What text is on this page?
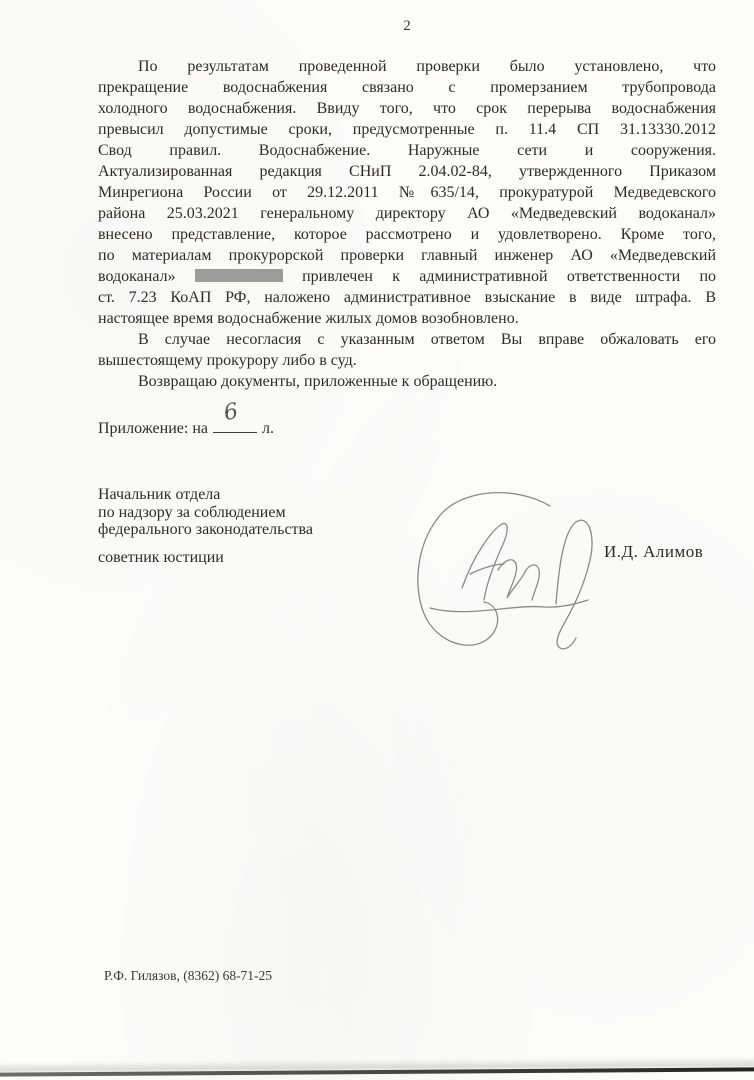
2
По результатам проведенной проверки было установлено, что
прекращение водоснабжения связано с промерзанием трубопровода
холодного водоснабжения. Ввиду того, что срок перерыва водоснабжения
превысил допустимые сроки, предусмотренные п. 11.4 СП 31.13330.2012
Свод правил. Водоснабжение. Наружные сети и сооружения.
Актуализированная редакция СНиП 2.04.02-84, утвержденного Приказом
Минрегиона России от 29.12.2011 №635/14, прокуратурой Медведевского
района 25.03.2021 генеральному директору АО «Медведевский водоканал»
внесено представление, которое рассмотрено и удовлетворено. Кроме того,
по материалам прокурорской проверки главный инженер АО «Медведевский
водоканал»	привлечен к административной ответственности по
ст. 7.23 КоАП РФ, наложено административное взыскание в виде штрафа. В
настоящее время водоснабжение жилых домов возобновлено.
В случае несогласия с указанным ответом Вы вправе обжаловать его
вышестоящему прокурору либо в суд.
Возвращаю документы, приложенные к обращению.
Приложение: на
6
л.
Начальник отдела
по надзору за соблюдением
федерального законодательства
советник юстиции	И.Д. Алимов
Р.Ф. Гилязов, (8362) 68-71-25
